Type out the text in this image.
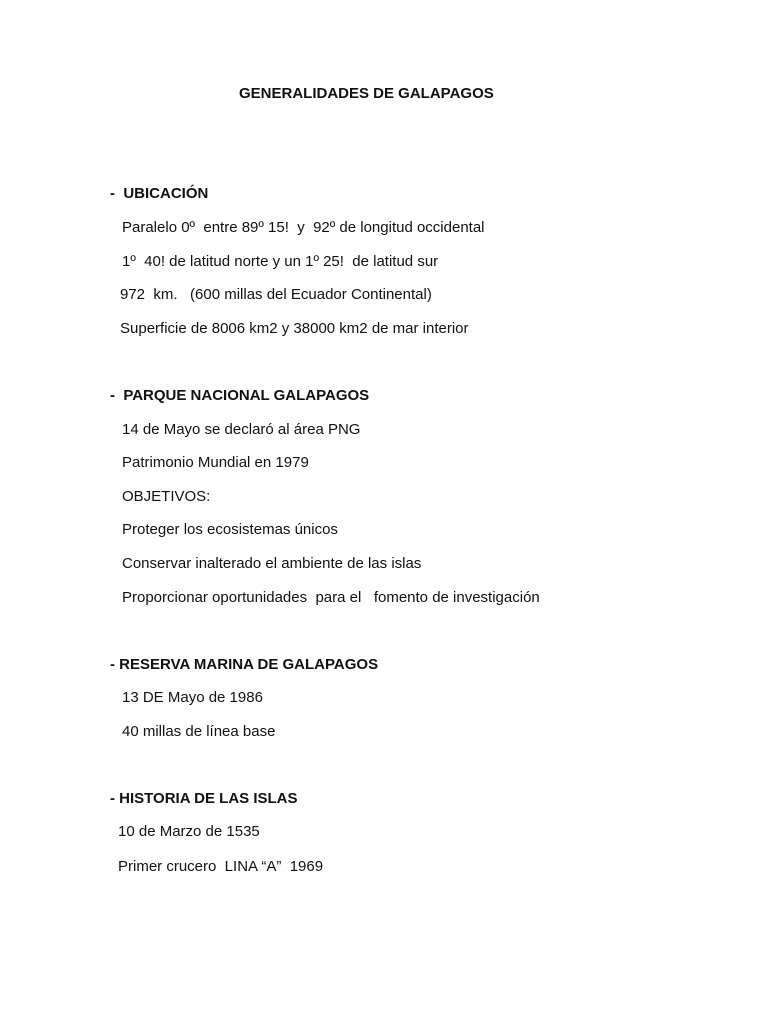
GENERALIDADES DE GALAPAGOS
-  UBICACIÓN
Paralelo 0º  entre 89º 15!  y  92º de longitud occidental
1º  40! de latitud norte y un 1º 25!  de latitud sur
972  km.   (600 millas del Ecuador Continental)
Superficie de 8006 km2 y 38000 km2 de mar interior
-  PARQUE NACIONAL GALAPAGOS
14 de Mayo se declaró al área PNG
Patrimonio Mundial en 1979
OBJETIVOS:
Proteger los ecosistemas únicos
Conservar inalterado el ambiente de las islas
Proporcionar oportunidades  para el   fomento de investigación
- RESERVA MARINA DE GALAPAGOS
13 DE Mayo de 1986
40 millas de línea base
- HISTORIA DE LAS ISLAS
10 de Marzo de 1535
Primer crucero  LINA “A”  1969
